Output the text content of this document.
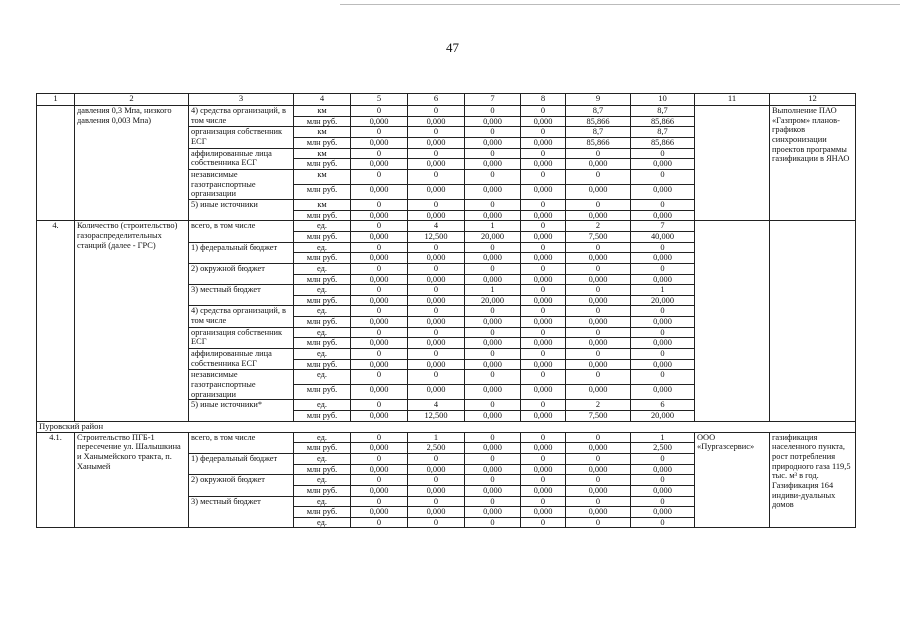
47
1	2	3	4	5	6	7	8	9	10	11	12
	давления 0,3 Мпа, низкого давления 0,003 Мпа)	4) средства организаций, в том числе	км	0	0	0	0	8,7	8,7		Выполнение ПАО «Газпром» планов-графиков синхронизации проектов программы газификации в ЯНАО
			млн руб.	0,000	0,000	0,000	0,000	85,866	85,866		
		организация собственник ЕСГ	км	0	0	0	0	8,7	8,7		
			млн руб.	0,000	0,000	0,000	0,000	85,866	85,866		
		аффилированные лица собственника ЕСГ	км	0	0	0	0	0	0		
			млн руб.	0,000	0,000	0,000	0,000	0,000	0,000		
		независимые газотранспортные организации	км	0	0	0	0	0	0		
			млн руб.	0,000	0,000	0,000	0,000	0,000	0,000		
		5) иные источники	км	0	0	0	0	0	0		
			млн руб.	0,000	0,000	0,000	0,000	0,000	0,000		
4.	Количество (строительство) газораспределительных станций (далее - ГРС)	всего, в том числе	ед.	0	4	1	0	2	7		
			млн руб.	0,000	12,500	20,000	0,000	7,500	40,000		
		1) федеральный бюджет	ед.	0	0	0	0	0	0		
			млн руб.	0,000	0,000	0,000	0,000	0,000	0,000		
		2) окружной бюджет	ед.	0	0	0	0	0	0		
			млн руб.	0,000	0,000	0,000	0,000	0,000	0,000		
		3) местный бюджет	ед.	0	0	1	0	0	1		
			млн руб.	0,000	0,000	20,000	0,000	0,000	20,000		
		4) средства организаций, в том числе	ед.	0	0	0	0	0	0		
			млн руб.	0,000	0,000	0,000	0,000	0,000	0,000		
		организация собственник ЕСГ	ед.	0	0	0	0	0	0		
			млн руб.	0,000	0,000	0,000	0,000	0,000	0,000		
		аффилированные лица собственника ЕСГ	ед.	0	0	0	0	0	0		
			млн руб.	0,000	0,000	0,000	0,000	0,000	0,000		
		независимые газотранспортные организации	ед.	0	0	0	0	0	0		
			млн руб.	0,000	0,000	0,000	0,000	0,000	0,000		
		5) иные источники*	ед.	0	4	0	0	2	6		
			млн руб.	0,000	12,500	0,000	0,000	7,500	20,000		
Пуровский район											
4.1.	Строительство ПГБ-1 пересечение ул. Шалышкина и Ханымейского тракта, п. Ханымей	всего, в том числе	ед.	0	1	0	0	0	1	ООО «Пургазсервис»	газификация населенного пункта, рост потребления природного газа 119,5 тыс. м³ в год. Газификация 164 индиви-дуальных домов
			млн руб.	0,000	2,500	0,000	0,000	0,000	2,500		
		1) федеральный бюджет	ед.	0	0	0	0	0	0		
			млн руб.	0,000	0,000	0,000	0,000	0,000	0,000		
		2) окружной бюджет	ед.	0	0	0	0	0	0		
			млн руб.	0,000	0,000	0,000	0,000	0,000	0,000		
		3) местный бюджет	ед.	0	0	0	0	0	0		
			млн руб.	0,000	0,000	0,000	0,000	0,000	0,000		
			ед.	0	0	0	0	0	0		
